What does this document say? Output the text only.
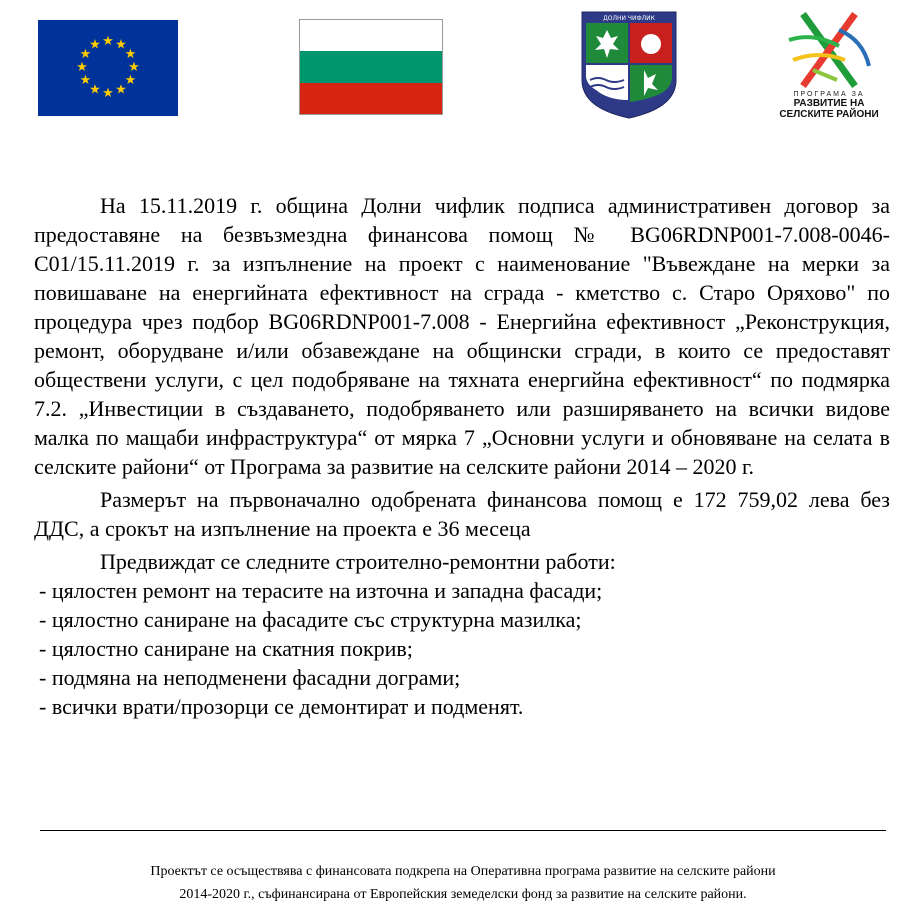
★ ★
★
★
★
★
★
★
★
★
★
★
ДОЛНИ ЧИФЛИК
ПРОГРАМА ЗА
РАЗВИТИЕ НА
СЕЛСКИТЕ РАЙОНИ

На 15.11.2019 г. община Долни чифлик подписа административен договор за предоставяне на безвъзмездна финансова помощ № BG06RDNP001-7.008-0046-C01/15.11.2019 г. за изпълнение на проект с наименование "Въвеждане на мерки за повишаване на енергийната ефективност на сграда - кметство с. Старо Оряхово" по процедура чрез подбор BG06RDNP001-7.008 - Енергийна ефективност „Реконструкция, ремонт, оборудване и/или обзавеждане на общински сгради, в които се предоставят обществени услуги, с цел подобряване на тяхната енергийна ефективност“ по подмярка 7.2. „Инвестиции в създаването, подобряването или разширяването на всички видове малка по мащаби инфраструктура“ от мярка 7 „Основни услуги и обновяване на селата в селските райони“ от Програма за развитие на селските райони 2014 – 2020 г.

Размерът на първоначално одобрената финансова помощ е 172 759,02 лева без ДДС, а срокът на изпълнение на проекта е 36 месеца

Предвиждат се следните строително-ремонтни работи:

- цялостен ремонт на терасите на източна и западна фасади;
- цялостно саниране на фасадите със структурна мазилка;
- цялостно саниране на скатния покрив;
- подмяна на неподменени фасадни дограми;
- всички врати/прозорци се демонтират и подменят.
Проектът се осъществява с финансовата подкрепа на Оперативна програма развитие на селските райони
2014-2020 г., съфинансирана от Европейския земеделски фонд за развитие на селските райони.
